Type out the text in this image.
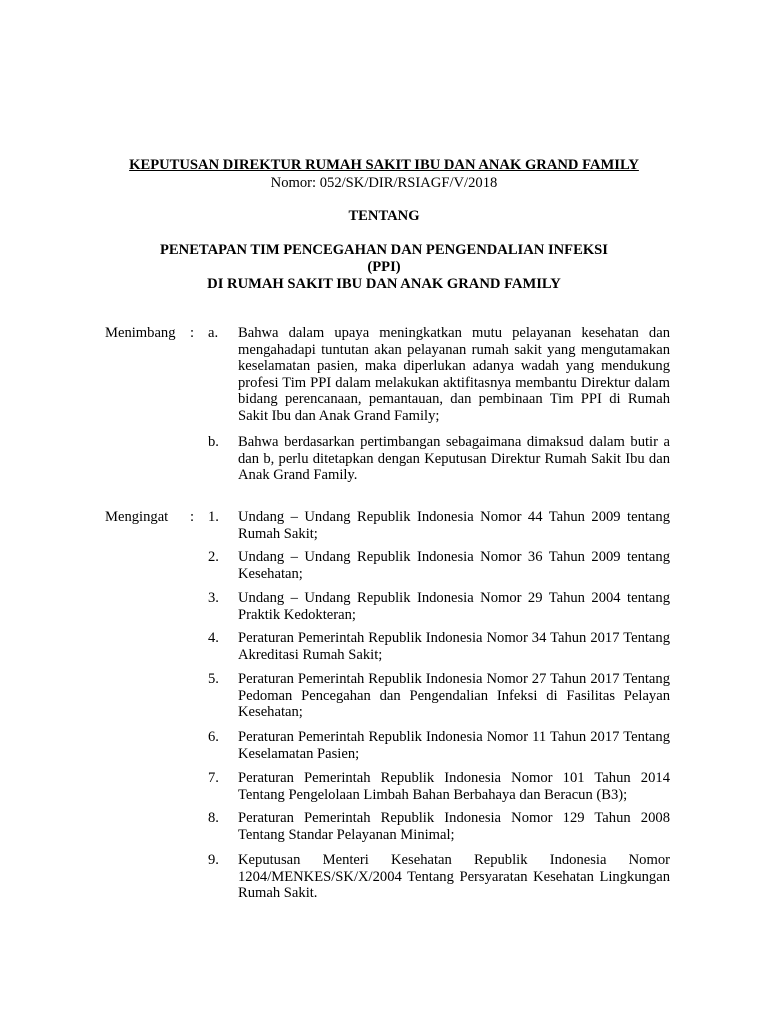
KEPUTUSAN DIREKTUR RUMAH SAKIT IBU DAN ANAK GRAND FAMILY
Nomor: 052/SK/DIR/RSIAGF/V/2018
TENTANG
PENETAPAN TIM PENCEGAHAN DAN PENGENDALIAN INFEKSI
(PPI)
DI RUMAH SAKIT IBU DAN ANAK GRAND FAMILY
Menimbang : a. Bahwa dalam upaya meningkatkan mutu pelayanan kesehatan dan mengahadapi tuntutan akan pelayanan rumah sakit yang mengutamakan keselamatan pasien, maka diperlukan adanya wadah yang mendukung profesi Tim PPI dalam melakukan aktifitasnya membantu Direktur dalam bidang perencanaan, pemantauan, dan pembinaan Tim PPI di Rumah Sakit Ibu dan Anak Grand Family;
b. Bahwa berdasarkan pertimbangan sebagaimana dimaksud dalam butir a dan b, perlu ditetapkan dengan Keputusan Direktur Rumah Sakit Ibu dan Anak Grand Family.
Mengingat : 1. Undang – Undang Republik Indonesia Nomor 44 Tahun 2009 tentang Rumah Sakit;
2. Undang – Undang Republik Indonesia Nomor 36 Tahun 2009 tentang Kesehatan;
3. Undang – Undang Republik Indonesia Nomor 29 Tahun 2004 tentang Praktik Kedokteran;
4. Peraturan Pemerintah Republik Indonesia Nomor 34 Tahun 2017 Tentang Akreditasi Rumah Sakit;
5. Peraturan Pemerintah Republik Indonesia Nomor 27 Tahun 2017 Tentang Pedoman Pencegahan dan Pengendalian Infeksi di Fasilitas Pelayan Kesehatan;
6. Peraturan Pemerintah Republik Indonesia Nomor 11 Tahun 2017 Tentang Keselamatan Pasien;
7. Peraturan Pemerintah Republik Indonesia Nomor 101 Tahun 2014 Tentang Pengelolaan Limbah Bahan Berbahaya dan Beracun (B3);
8. Peraturan Pemerintah Republik Indonesia Nomor 129 Tahun 2008 Tentang Standar Pelayanan Minimal;
9. Keputusan Menteri Kesehatan Republik Indonesia Nomor 1204/MENKES/SK/X/2004 Tentang Persyaratan Kesehatan Lingkungan Rumah Sakit.
